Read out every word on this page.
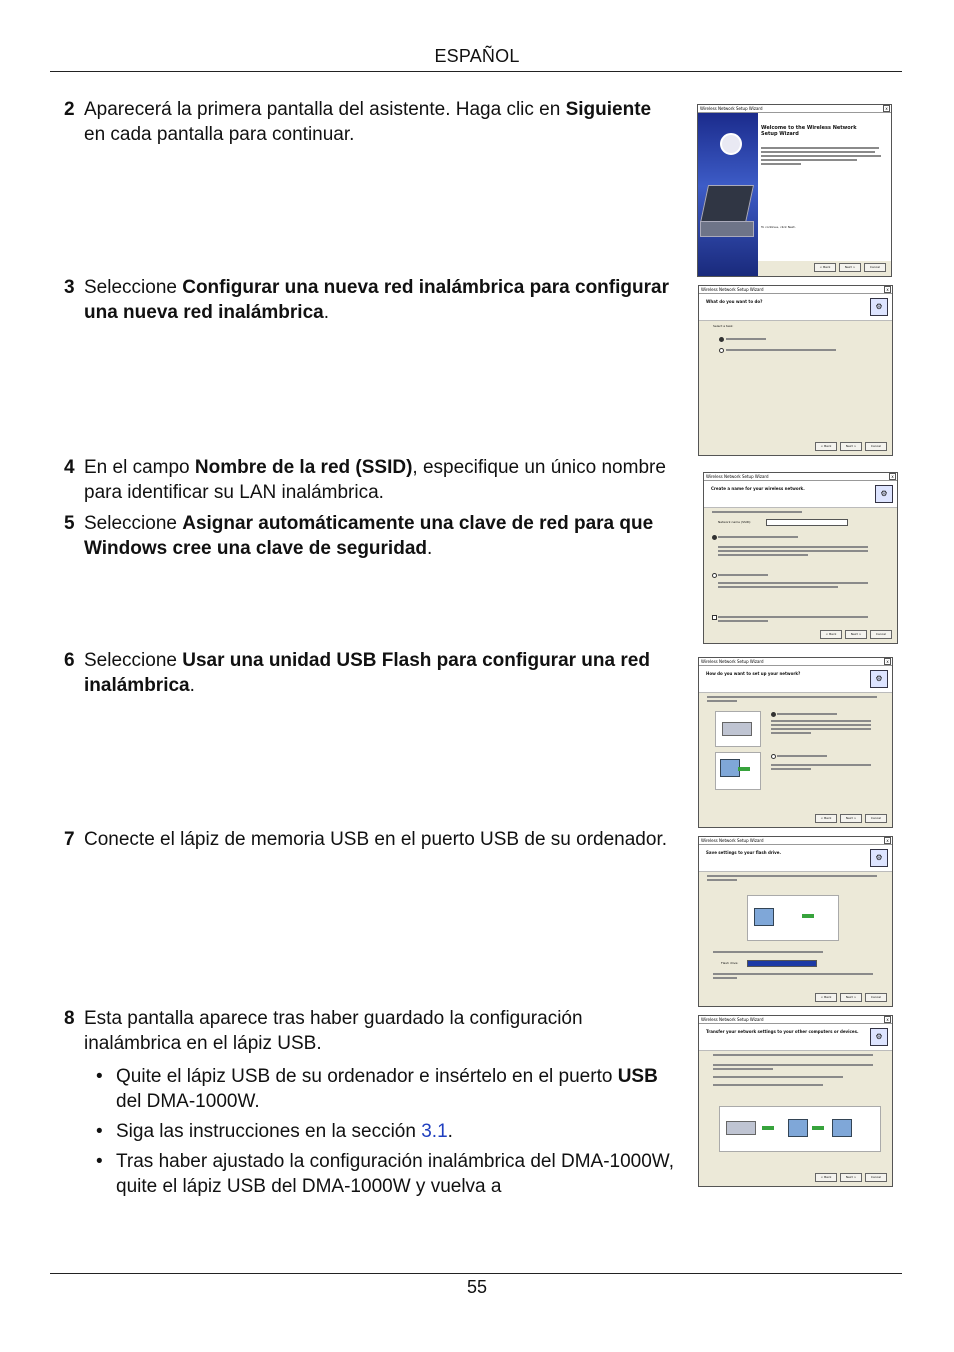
ESPAÑOL
2 Aparecerá la primera pantalla del asistente. Haga clic en Siguiente en cada pantalla para continuar.
3 Seleccione Configurar una nueva red inalámbrica para configurar una nueva red inalámbrica.
4 En el campo Nombre de la red (SSID), especifique un único nombre para identificar su LAN inalámbrica.
5 Seleccione Asignar automáticamente una clave de red para que Windows cree una clave de seguridad.
6 Seleccione Usar una unidad USB Flash para configurar una red inalámbrica.
7 Conecte el lápiz de memoria USB en el puerto USB de su ordenador.
8 Esta pantalla aparece tras haber guardado la configuración inalámbrica en el lápiz USB.
• Quite el lápiz USB de su ordenador e insértelo en el puerto USB del DMA-1000W.
• Siga las instrucciones en la sección 3.1.
• Tras haber ajustado la configuración inalámbrica del DMA-1000W, quite el lápiz USB del DMA-1000W y vuelva a
Wireless Network Setup Wizard	x
Welcome to the Wireless Network Setup Wizard
To continue, click Next.
< Back	Next >	Cancel
Wireless Network Setup Wizard	x
What do you want to do?
⚙
Select a task:
< Back	Next >	Cancel
Wireless Network Setup Wizard	x
Create a name for your wireless network.
⚙
Network name (SSID):
< Back	Next >	Cancel
Wireless Network Setup Wizard	x
How do you want to set up your network?
⚙
< Back	Next >	Cancel
Wireless Network Setup Wizard	x
Save settings to your flash drive.
⚙
Flash drive:
< Back	Next >	Cancel
Wireless Network Setup Wizard	x
Transfer your network settings to your other computers or devices.
⚙
< Back	Next >	Cancel
55
